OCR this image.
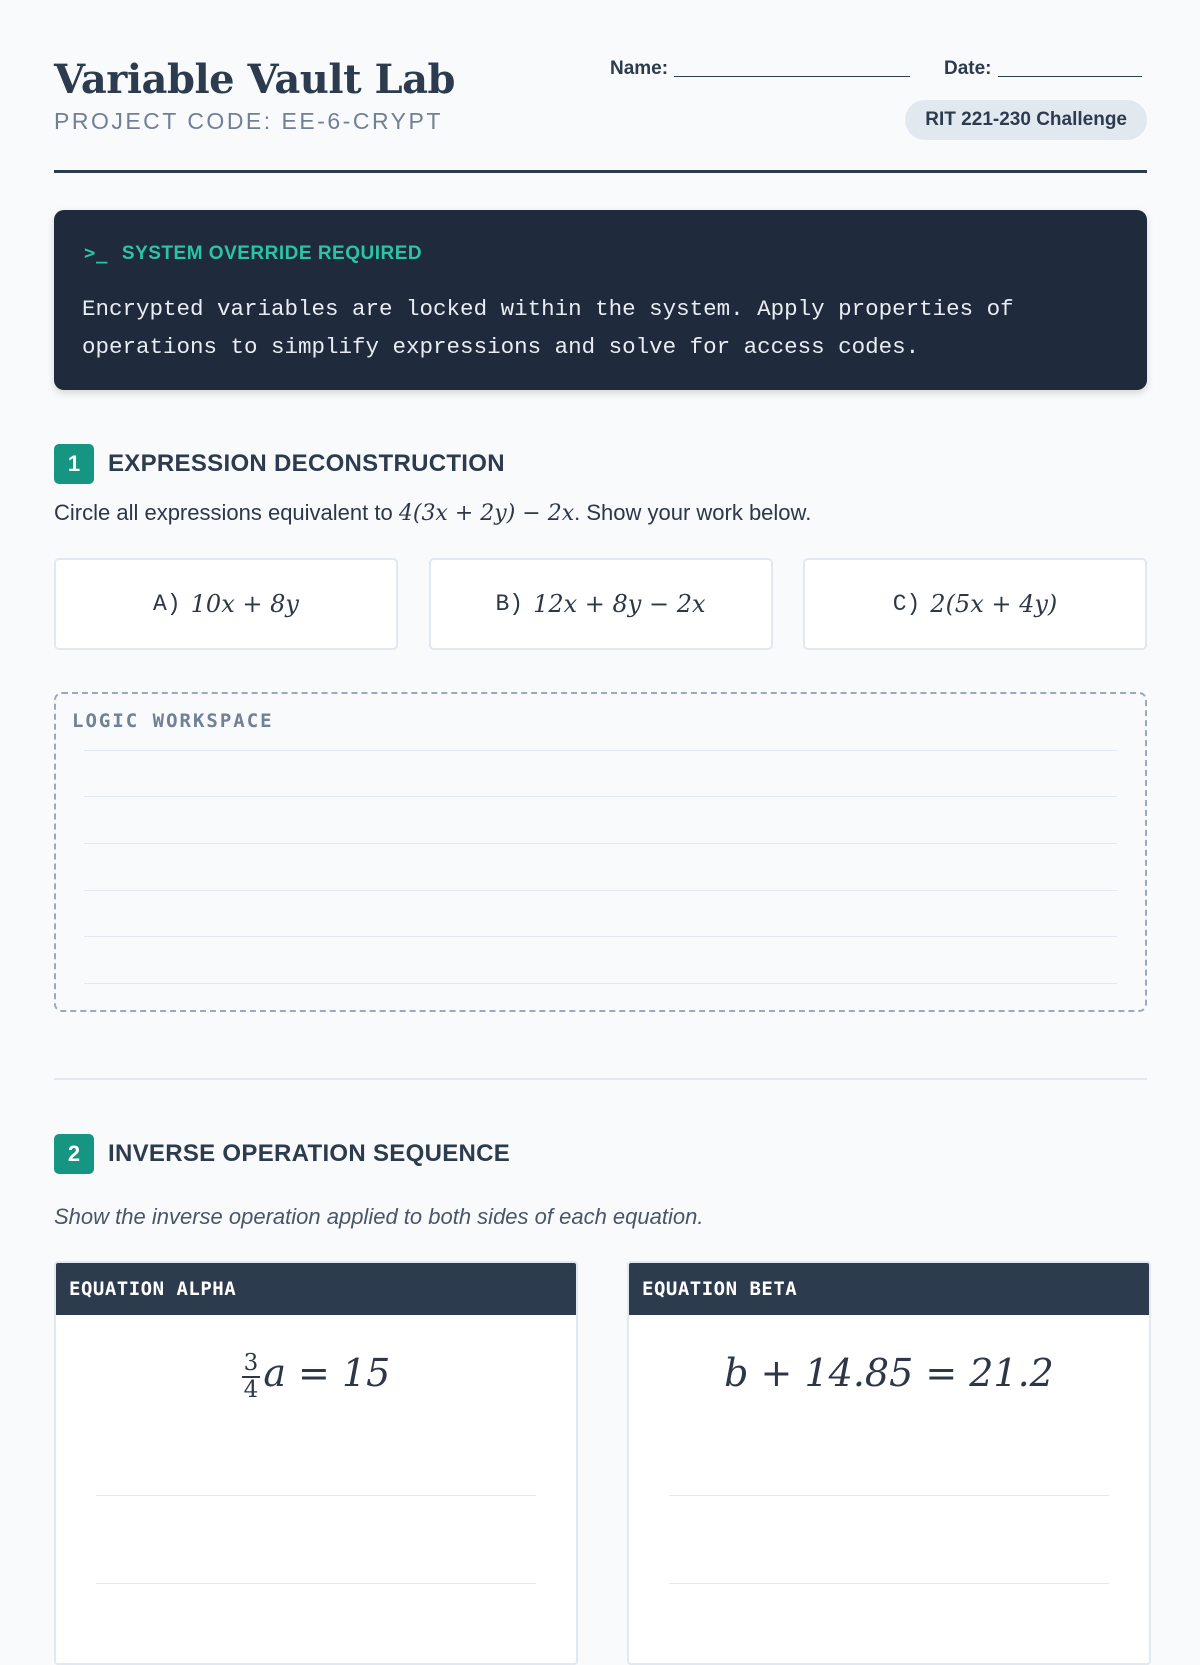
Variable Vault Lab
PROJECT CODE: EE-6-CRYPT
Name:	Date:
RIT 221-230 Challenge
>_ SYSTEM OVERRIDE REQUIRED

Encrypted variables are locked within the system. Apply properties of operations to simplify expressions and solve for access codes.

1	EXPRESSION DECONSTRUCTION
Circle all expressions equivalent to 4(3x + 2y) − 2x. Show your work below.
A) 10x + 8y	B) 12x + 8y − 2x	C) 2(5x + 4y)
LOGIC WORKSPACE
2	INVERSE OPERATION SEQUENCE
Show the inverse operation applied to both sides of each equation.
EQUATION ALPHA
$\frac{3}{4}$ a = 15
EQUATION BETA
b + 14.85 = 21.2
